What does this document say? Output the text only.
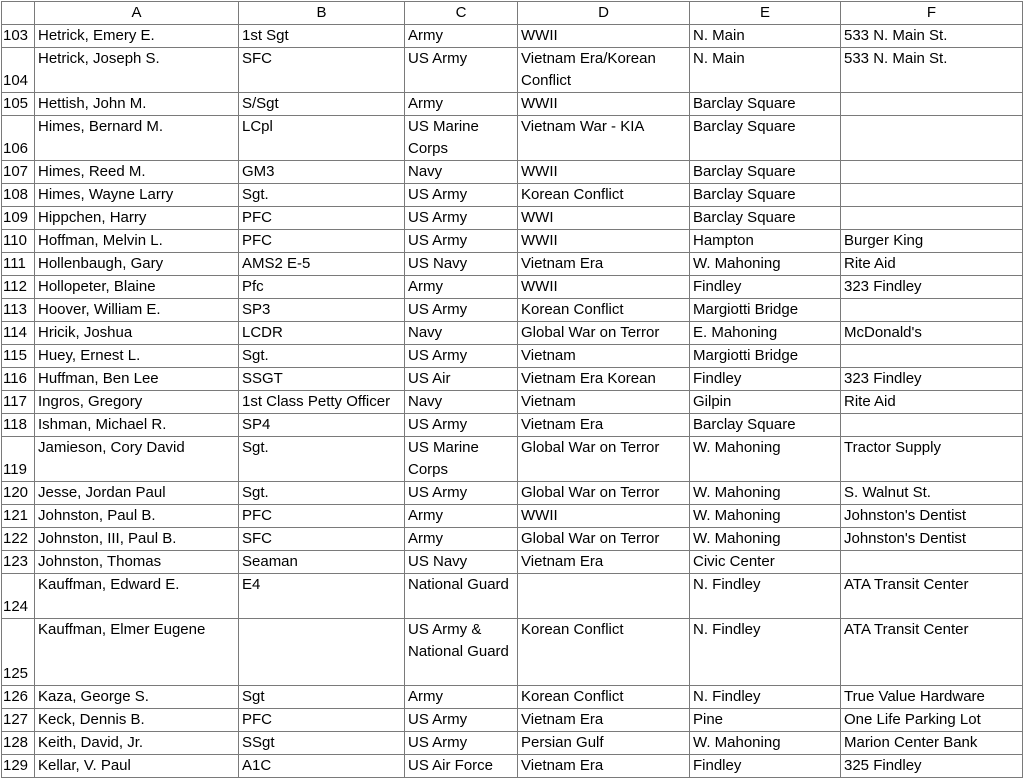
	A	B	C	D	E	F
103	Hetrick, Emery E.	1st Sgt	Army	WWII	N. Main	533 N. Main St.
104	Hetrick, Joseph S.	SFC	US Army	Vietnam Era/Korean Conflict	N. Main	533 N. Main St.
105	Hettish, John M.	S/Sgt	Army	WWII	Barclay Square	
106	Himes, Bernard M.	LCpl	US Marine Corps	Vietnam War - KIA	Barclay Square	
107	Himes, Reed M.	GM3	Navy	WWII	Barclay Square	
108	Himes, Wayne Larry	Sgt.	US Army	Korean Conflict	Barclay Square	
109	Hippchen, Harry	PFC	US Army	WWI	Barclay Square	
110	Hoffman, Melvin L.	PFC	US Army	WWII	Hampton	Burger King
111	Hollenbaugh, Gary	AMS2 E-5	US Navy	Vietnam Era	W. Mahoning	Rite Aid
112	Hollopeter, Blaine	Pfc	Army	WWII	Findley	323 Findley
113	Hoover, William E.	SP3	US Army	Korean Conflict	Margiotti Bridge	
114	Hricik, Joshua	LCDR	Navy	Global War on Terror	E. Mahoning	McDonald's
115	Huey, Ernest L.	Sgt.	US Army	Vietnam	Margiotti Bridge	
116	Huffman, Ben Lee	SSGT	US Air	Vietnam Era Korean	Findley	323 Findley
117	Ingros, Gregory	1st Class Petty Officer	Navy	Vietnam	Gilpin	Rite Aid
118	Ishman, Michael R.	SP4	US Army	Vietnam Era	Barclay Square	
119	Jamieson, Cory David	Sgt.	US Marine Corps	Global War on Terror	W. Mahoning	Tractor Supply
120	Jesse, Jordan Paul	Sgt.	US Army	Global War on Terror	W. Mahoning	S. Walnut St.
121	Johnston, Paul B.	PFC	Army	WWII	W. Mahoning	Johnston's Dentist
122	Johnston, III, Paul B.	SFC	Army	Global War on Terror	W. Mahoning	Johnston's Dentist
123	Johnston, Thomas	Seaman	US Navy	Vietnam Era	Civic Center	
124	Kauffman, Edward E.	E4	National Guard		N. Findley	ATA Transit Center
125	Kauffman, Elmer Eugene		US Army & National Guard	Korean Conflict	N. Findley	ATA Transit Center
126	Kaza, George S.	Sgt	Army	Korean Conflict	N. Findley	True Value Hardware
127	Keck, Dennis B.	PFC	US Army	Vietnam Era	Pine	One Life Parking Lot
128	Keith, David, Jr.	SSgt	US Army	Persian Gulf	W. Mahoning	Marion Center Bank
129	Kellar, V. Paul	A1C	US Air Force	Vietnam Era	Findley	325 Findley
